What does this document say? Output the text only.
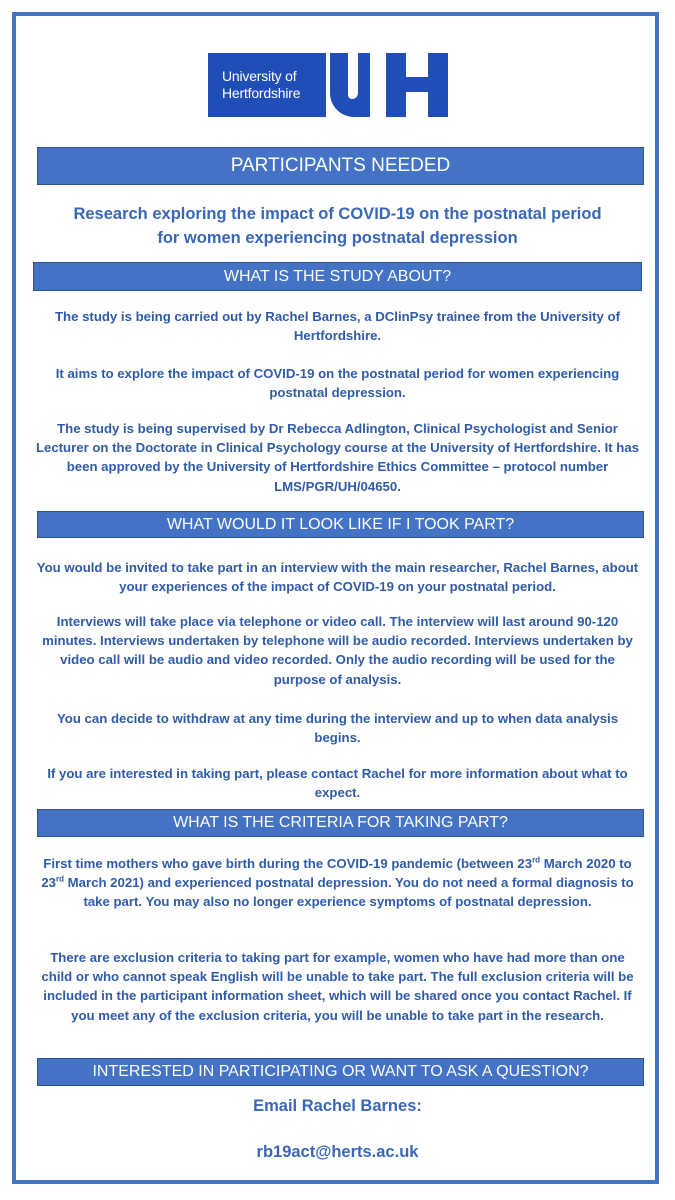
University of
Hertfordshire
PARTICIPANTS NEEDED

Research exploring the impact of COVID-19 on the postnatal period

for women experiencing postnatal depression

WHAT IS THE STUDY ABOUT?

The study is being carried out by Rachel Barnes, a DClinPsy trainee from the University of Hertfordshire.

It aims to explore the impact of COVID-19 on the postnatal period for women experiencing postnatal depression.

The study is being supervised by Dr Rebecca Adlington, Clinical Psychologist and Senior Lecturer on the Doctorate in Clinical Psychology course at the University of Hertfordshire. It has been approved by the University of Hertfordshire Ethics Committee – protocol number LMS/PGR/UH/04650.

WHAT WOULD IT LOOK LIKE IF I TOOK PART?

You would be invited to take part in an interview with the main researcher, Rachel Barnes, about your experiences of the impact of COVID-19 on your postnatal period.

Interviews will take place via telephone or video call. The interview will last around 90-120 minutes. Interviews undertaken by telephone will be audio recorded. Interviews undertaken by video call will be audio and video recorded. Only the audio recording will be used for the purpose of analysis.

You can decide to withdraw at any time during the interview and up to when data analysis begins.

If you are interested in taking part, please contact Rachel for more information about what to expect.

WHAT IS THE CRITERIA FOR TAKING PART?

First time mothers who gave birth during the COVID-19 pandemic (between 23rd March 2020 to 23rd March 2021) and experienced postnatal depression. You do not need a formal diagnosis to take part. You may also no longer experience symptoms of postnatal depression.

There are exclusion criteria to taking part for example, women who have had more than one child or who cannot speak English will be unable to take part. The full exclusion criteria will be included in the participant information sheet, which will be shared once you contact Rachel. If you meet any of the exclusion criteria, you will be unable to take part in the research.

INTERESTED IN PARTICIPATING OR WANT TO ASK A QUESTION?

Email Rachel Barnes:

rb19act@herts.ac.uk
